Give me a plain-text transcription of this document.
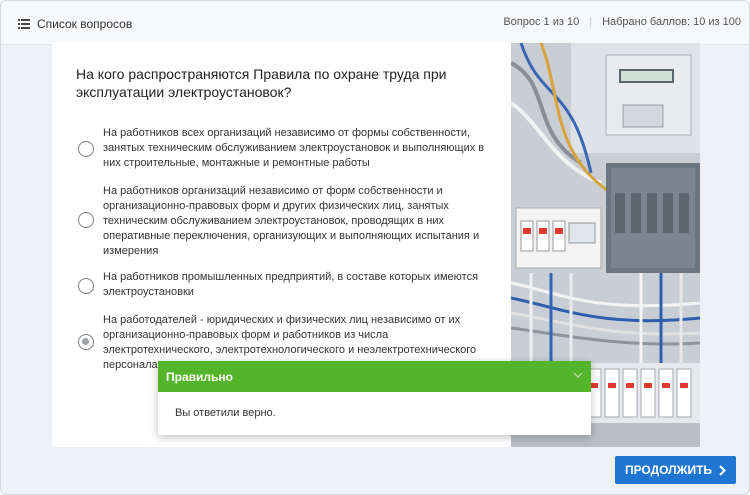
Список вопросов	Вопрос 1 из 10 | Набрано баллов: 10 из 100
На кого распространяются Правила по охране труда при эксплуатации электроустановок?
На работников всех организаций независимо от формы собственности, занятых техническим обслуживанием электроустановок и выполняющих в них строительные, монтажные и ремонтные работы
На работников организаций независимо от форм собственности и организационно-правовых форм и других физических лиц, занятых техническим обслуживанием электроустановок, проводящих в них оперативные переключения, организующих и выполняющих испытания и измерения
На работников промышленных предприятий, в составе которых имеются электроустановки
На работодателей - юридических и физических лиц независимо от их организационно-правовых форм и работников из числа электротехнического, электротехнологического и неэлектротехнического персонала
Правильно
Вы ответили верно.
ПРОДОЛЖИТЬ
